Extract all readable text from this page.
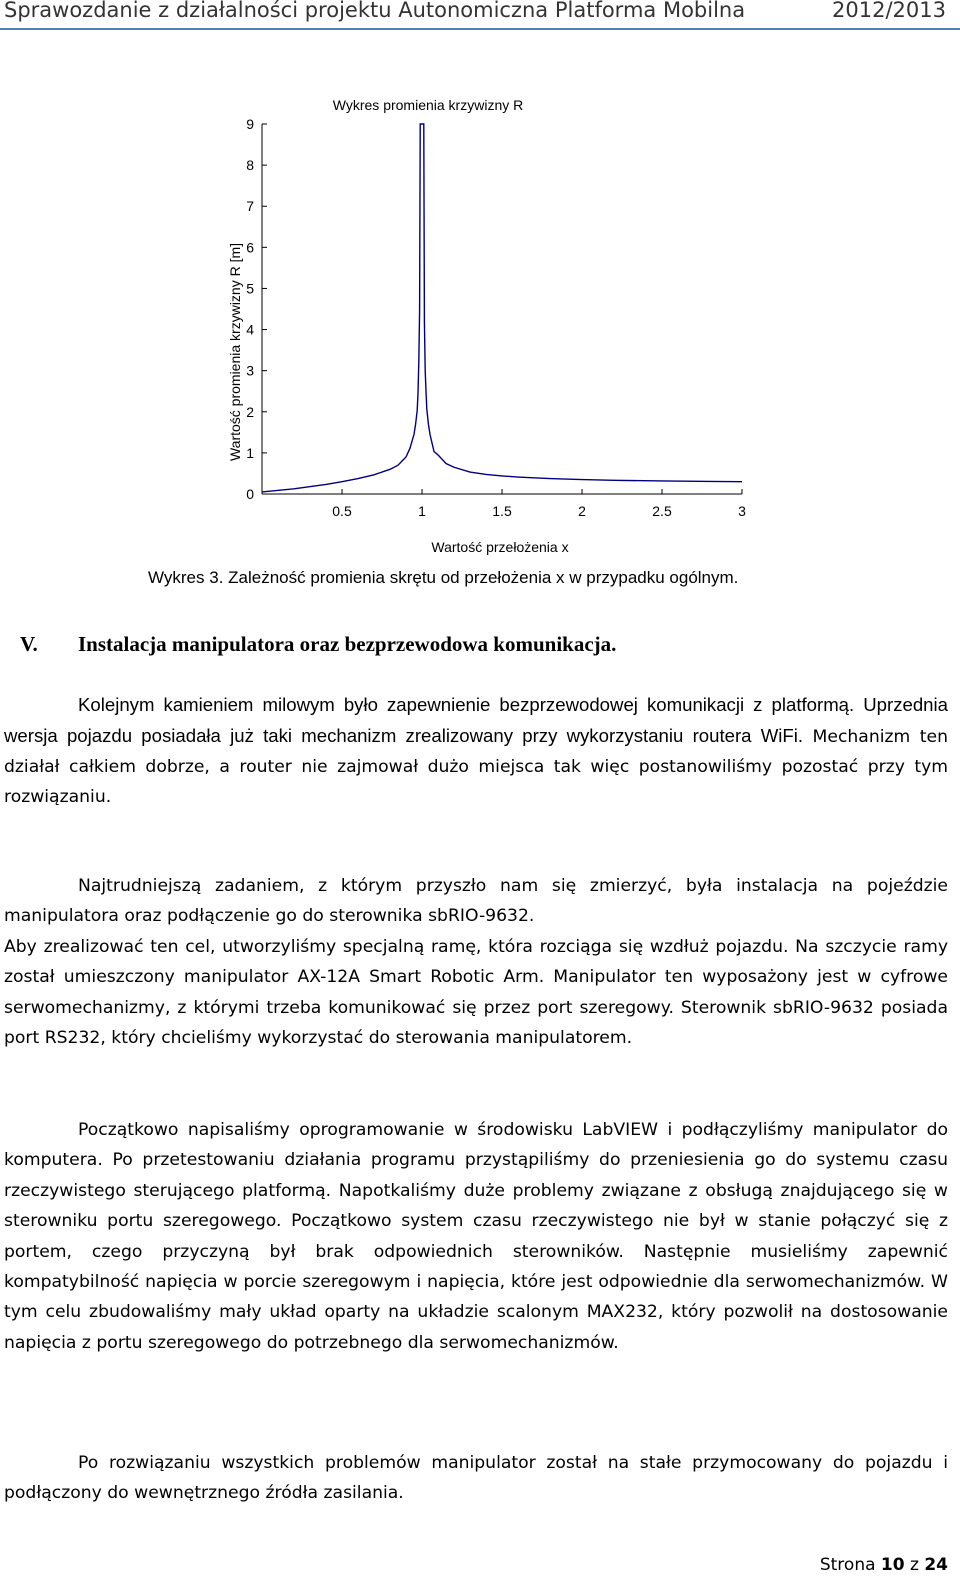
Sprawozdanie z działalności projektu Autonomiczna Platforma Mobilna	2012/2013
Wykres promienia krzywizny R
Wartość przełożenia x
Wartość promienia krzywizny R [m]
0.5	1	1.5	2	2.5	3
0
1
2
3
4
5
6
7
8
9
Wykres 3. Zależność promienia skrętu od przełożenia x w przypadku ogólnym.
V. Instalacja manipulatora oraz bezprzewodowa komunikacja.

Kolejnym kamieniem milowym było zapewnienie bezprzewodowej komunikacji z platformą. Uprzednia wersja pojazdu posiadała już taki mechanizm zrealizowany przy wykorzystaniu routera WiFi. Mechanizm ten działał całkiem dobrze, a router nie zajmował dużo miejsca tak więc postanowiliśmy pozostać przy tym rozwiązaniu.

Najtrudniejszą zadaniem, z którym przyszło nam się zmierzyć, była instalacja na pojeździe manipulatora oraz podłączenie go do sterownika sbRIO-9632.

Aby zrealizować ten cel, utworzyliśmy specjalną ramę, która rozciąga się wzdłuż pojazdu. Na szczycie ramy został umieszczony manipulator AX-12A Smart Robotic Arm. Manipulator ten wyposażony jest w cyfrowe serwomechanizmy, z którymi trzeba komunikować się przez port szeregowy. Sterownik sbRIO-9632 posiada port RS232, który chcieliśmy wykorzystać do sterowania manipulatorem.

Początkowo napisaliśmy oprogramowanie w środowisku LabVIEW i podłączyliśmy manipulator do komputera. Po przetestowaniu działania programu przystąpiliśmy do przeniesienia go do systemu czasu rzeczywistego sterującego platformą. Napotkaliśmy duże problemy związane z obsługą znajdującego się w sterowniku portu szeregowego. Początkowo system czasu rzeczywistego nie był w stanie połączyć się z portem, czego przyczyną był brak odpowiednich sterowników. Następnie musieliśmy zapewnić kompatybilność napięcia w porcie szeregowym i napięcia, które jest odpowiednie dla serwomechanizmów. W tym celu zbudowaliśmy mały układ oparty na układzie scalonym MAX232, który pozwolił na dostosowanie napięcia z portu szeregowego do potrzebnego dla serwomechanizmów.

Po rozwiązaniu wszystkich problemów manipulator został na stałe przymocowany do pojazdu i podłączony do wewnętrznego źródła zasilania.

Strona 10 z 24
